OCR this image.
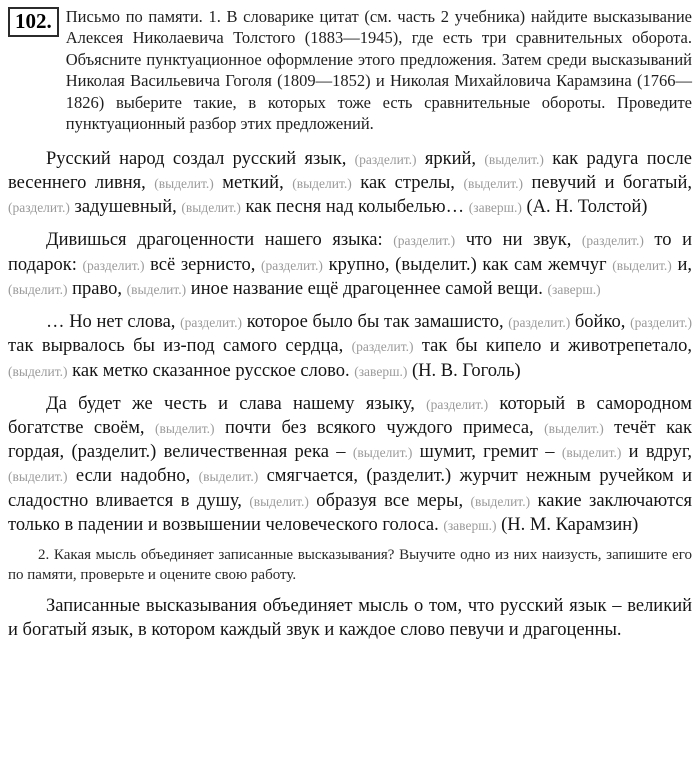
102. Письмо по памяти. 1. В словарике цитат (см. часть 2 учебника) найдите высказывание Алексея Николаевича Толстого (1883—1945), где есть три сравнительных оборота. Объясните пунктуационное оформление этого предложения. Затем среди высказываний Николая Васильевича Гоголя (1809—1852) и Николая Михайловича Карамзина (1766—1826) выберите такие, в которых тоже есть сравнительные обороты. Проведите пунктуационный разбор этих предложений.

Русский народ создал русский язык, (разделит.) яркий, (выделит.) как радуга после весеннего ливня, (выделит.) меткий, (выделит.) как стрелы, (выделит.) певучий и богатый, (разделит.) задушевный, (выделит.) как песня над колыбелью… (заверш.) (А. Н. Толстой)

Дивишься драгоценности нашего языка: (разделит.) что ни звук, (разделит.) то и подарок: (разделит.) всё зернисто, (разделит.) крупно, (выделит.) как сам жемчуг (выделит.) и, (выделит.) право, (выделит.) иное название ещё драгоценнее самой вещи. (заверш.)

… Но нет слова, (разделит.) которое было бы так замашисто, (разделит.) бойко, (разделит.) так вырвалось бы из-под самого сердца, (разделит.) так бы кипело и животрепетало, (выделит.) как метко сказанное русское слово. (заверш.) (Н. В. Гоголь)

Да будет же честь и слава нашему языку, (разделит.) который в самородном богатстве своём, (выделит.) почти без всякого чуждого примеса, (выделит.) течёт как гордая, (разделит.) величественная река – (выделит.) шумит, гремит – (выделит.) и вдруг, (выделит.) если надобно, (выделит.) смягчается, (разделит.) журчит нежным ручейком и сладостно вливается в душу, (выделит.) образуя все меры, (выделит.) какие заключаются только в падении и возвышении человеческого голоса. (заверш.) (Н. М. Карамзин)

2. Какая мысль объединяет записанные высказывания? Выучите одно из них наизусть, запишите его по памяти, проверьте и оцените свою работу.

Записанные высказывания объединяет мысль о том, что русский язык – великий и богатый язык, в котором каждый звук и каждое слово певучи и драгоценны.
